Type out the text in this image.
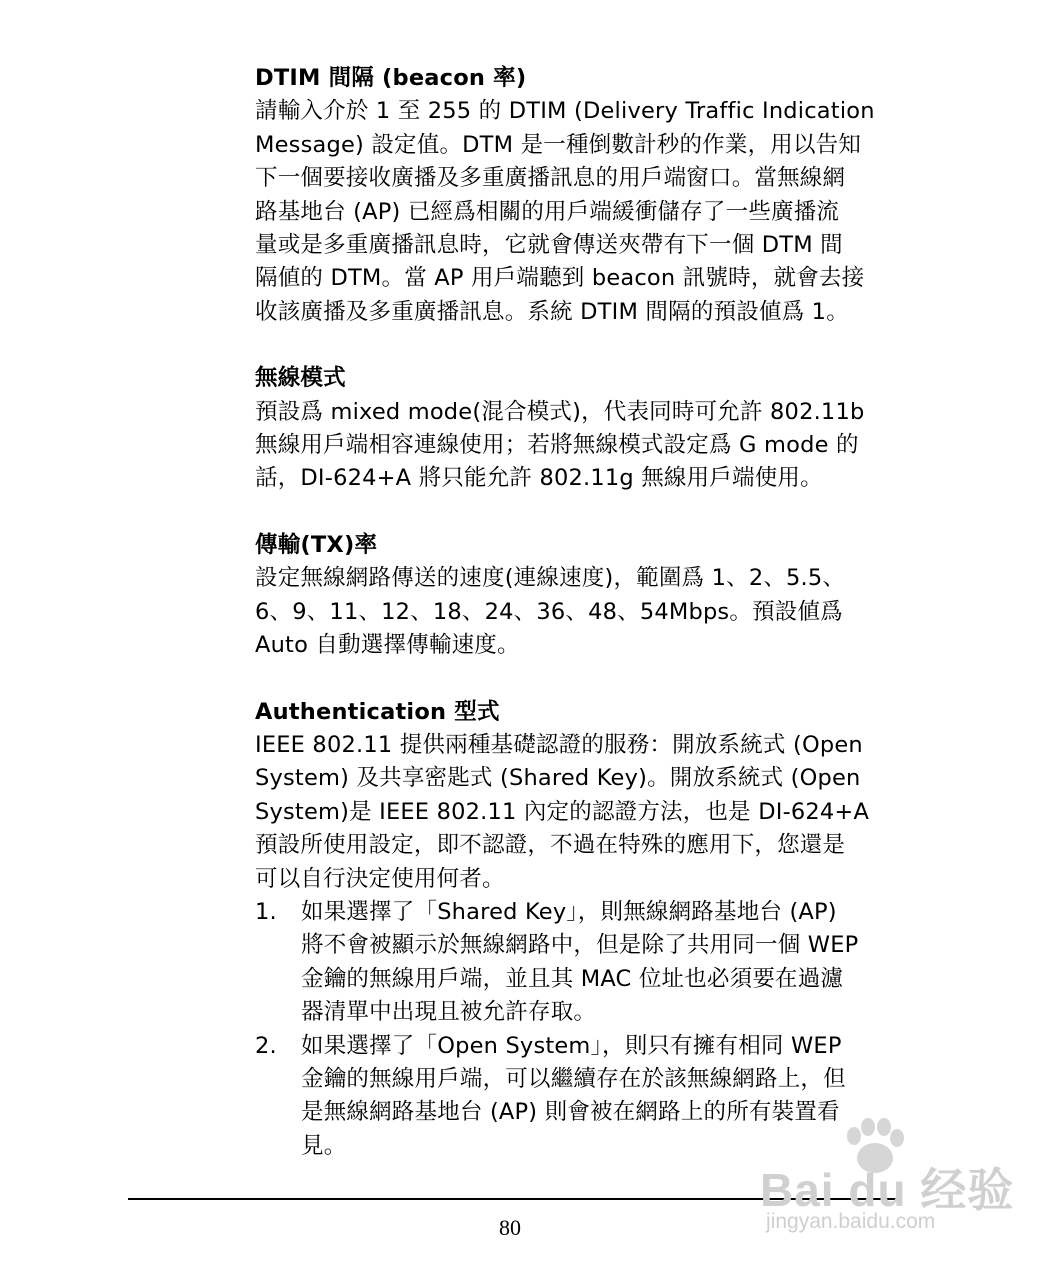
DTIM 間隔 (beacon 率)

請輸入介於 1 至 255 的 DTIM (Delivery Traffic Indication

Message) 設定值。DTM 是一種倒數計秒的作業，用以告知

下一個要接收廣播及多重廣播訊息的用戶端窗口。當無線網

路基地台 (AP) 已經爲相關的用戶端緩衝儲存了一些廣播流

量或是多重廣播訊息時，它就會傳送夾帶有下一個 DTM 間

隔値的 DTM。當 AP 用戶端聽到 beacon 訊號時，就會去接

收該廣播及多重廣播訊息。系統 DTIM 間隔的預設値爲 1。

無線模式

預設爲 mixed mode(混合模式)，代表同時可允許 802.11b

無線用戶端相容連線使用；若將無線模式設定爲 G mode 的

話，DI-624+A 將只能允許 802.11g 無線用戶端使用。

傳輸(TX)率

設定無線網路傳送的速度(連線速度)，範圍爲 1、2、5.5、

6、9、11、12、18、24、36、48、54Mbps。預設値爲

Auto 自動選擇傳輸速度。

Authentication 型式

IEEE 802.11 提供兩種基礎認證的服務：開放系統式 (Open

System) 及共享密匙式 (Shared Key)。開放系統式 (Open

System)是 IEEE 802.11 內定的認證方法，也是 DI-624+A

預設所使用設定，即不認證，不過在特殊的應用下，您還是

可以自行決定使用何者。

1.	如果選擇了「Shared Key」，則無線網路基地台 (AP)

將不會被顯示於無線網路中，但是除了共用同一個 WEP

金鑰的無線用戶端，並且其 MAC 位址也必須要在過濾

器清單中出現且被允許存取。

2.	如果選擇了「Open System」，則只有擁有相同 WEP

金鑰的無線用戶端，可以繼續存在於該無線網路上，但

是無線網路基地台 (AP) 則會被在網路上的所有裝置看

見。

80
Bai du 经验
jingyan.baidu.com
